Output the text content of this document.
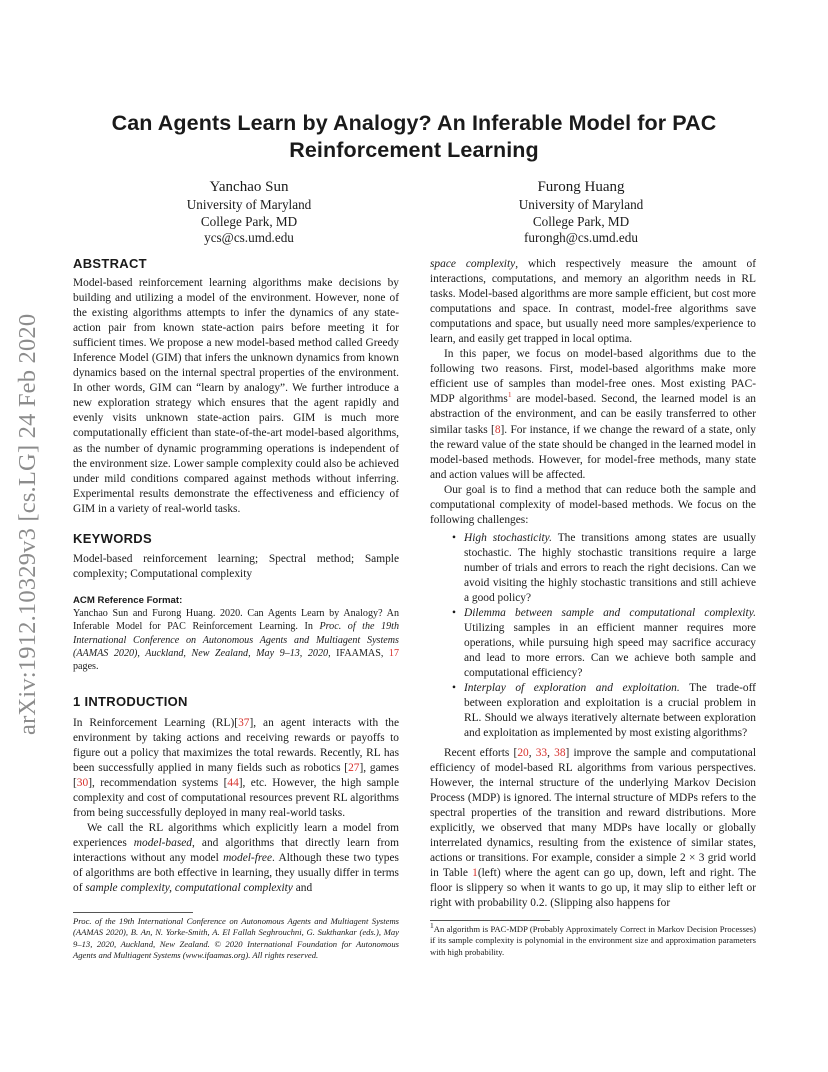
arXiv:1912.10329v3 [cs.LG] 24 Feb 2020
Can Agents Learn by Analogy? An Inferable Model for PAC Reinforcement Learning
Yanchao Sun
University of Maryland
College Park, MD
ycs@cs.umd.edu
Furong Huang
University of Maryland
College Park, MD
furongh@cs.umd.edu
ABSTRACT

Model-based reinforcement learning algorithms make decisions by building and utilizing a model of the environment. However, none of the existing algorithms attempts to infer the dynamics of any state-action pair from known state-action pairs before meeting it for sufficient times. We propose a new model-based method called Greedy Inference Model (GIM) that infers the unknown dynamics from known dynamics based on the internal spectral properties of the environment. In other words, GIM can “learn by analogy”. We further introduce a new exploration strategy which ensures that the agent rapidly and evenly visits unknown state-action pairs. GIM is much more computationally efficient than state-of-the-art model-based algorithms, as the number of dynamic programming operations is independent of the environment size. Lower sample complexity could also be achieved under mild conditions compared against methods without inferring. Experimental results demonstrate the effectiveness and efficiency of GIM in a variety of real-world tasks.

KEYWORDS

Model-based reinforcement learning; Spectral method; Sample complexity; Computational complexity

ACM Reference Format:

Yanchao Sun and Furong Huang. 2020. Can Agents Learn by Analogy? An Inferable Model for PAC Reinforcement Learning. In Proc. of the 19th International Conference on Autonomous Agents and Multiagent Systems (AAMAS 2020), Auckland, New Zealand, May 9–13, 2020, IFAAMAS, 17 pages.

1 INTRODUCTION

In Reinforcement Learning (RL)[37], an agent interacts with the environment by taking actions and receiving rewards or payoffs to figure out a policy that maximizes the total rewards. Recently, RL has been successfully applied in many fields such as robotics [27], games [30], recommendation systems [44], etc. However, the high sample complexity and cost of computational resources prevent RL algorithms from being successfully deployed in many real-world tasks.

We call the RL algorithms which explicitly learn a model from experiences model-based, and algorithms that directly learn from interactions without any model model-free. Although these two types of algorithms are both effective in learning, they usually differ in terms of sample complexity, computational complexity and

space complexity, which respectively measure the amount of interactions, computations, and memory an algorithm needs in RL tasks. Model-based algorithms are more sample efficient, but cost more computations and space. In contrast, model-free algorithms save computations and space, but usually need more samples/experience to learn, and easily get trapped in local optima.

In this paper, we focus on model-based algorithms due to the following two reasons. First, model-based algorithms make more efficient use of samples than model-free ones. Most existing PAC-MDP algorithms$^1$ are model-based. Second, the learned model is an abstraction of the environment, and can be easily transferred to other similar tasks [8]. For instance, if we change the reward of a state, only the reward value of the state should be changed in the learned model in model-based methods. However, for model-free methods, many state and action values will be affected.

Our goal is to find a method that can reduce both the sample and computational complexity of model-based methods. We focus on the following challenges:

• High stochasticity. The transitions among states are usually stochastic. The highly stochastic transitions require a large number of trials and errors to reach the right decisions. Can we avoid visiting the highly stochastic transitions and still achieve a good policy?
• Dilemma between sample and computational complexity. Utilizing samples in an efficient manner requires more operations, while pursuing high speed may sacrifice accuracy and lead to more errors. Can we achieve both sample and computational efficiency?
• Interplay of exploration and exploitation. The trade-off between exploration and exploitation is a crucial problem in RL. Should we always iteratively alternate between exploration and exploitation as implemented by most existing algorithms?

Recent efforts [20, 33, 38] improve the sample and computational efficiency of model-based RL algorithms from various perspectives. However, the internal structure of the underlying Markov Decision Process (MDP) is ignored. The internal structure of MDPs refers to the spectral properties of the transition and reward distributions. More explicitly, we observed that many MDPs have locally or globally interrelated dynamics, resulting from the existence of similar states, actions or transitions. For example, consider a simple 2 × 3 grid world in Table 1(left) where the agent can go up, down, left and right. The floor is slippery so when it wants to go up, it may slip to either left or right with probability 0.2. (Slipping also happens for

Proc. of the 19th International Conference on Autonomous Agents and Multiagent Systems (AAMAS 2020), B. An, N. Yorke-Smith, A. El Fallah Seghrouchni, G. Sukthankar (eds.), May 9–13, 2020, Auckland, New Zealand. © 2020 International Foundation for Autonomous Agents and Multiagent Systems (www.ifaamas.org). All rights reserved.
$^1$An algorithm is PAC-MDP (Probably Approximately Correct in Markov Decision Processes) if its sample complexity is polynomial in the environment size and approximation parameters with high probability.
